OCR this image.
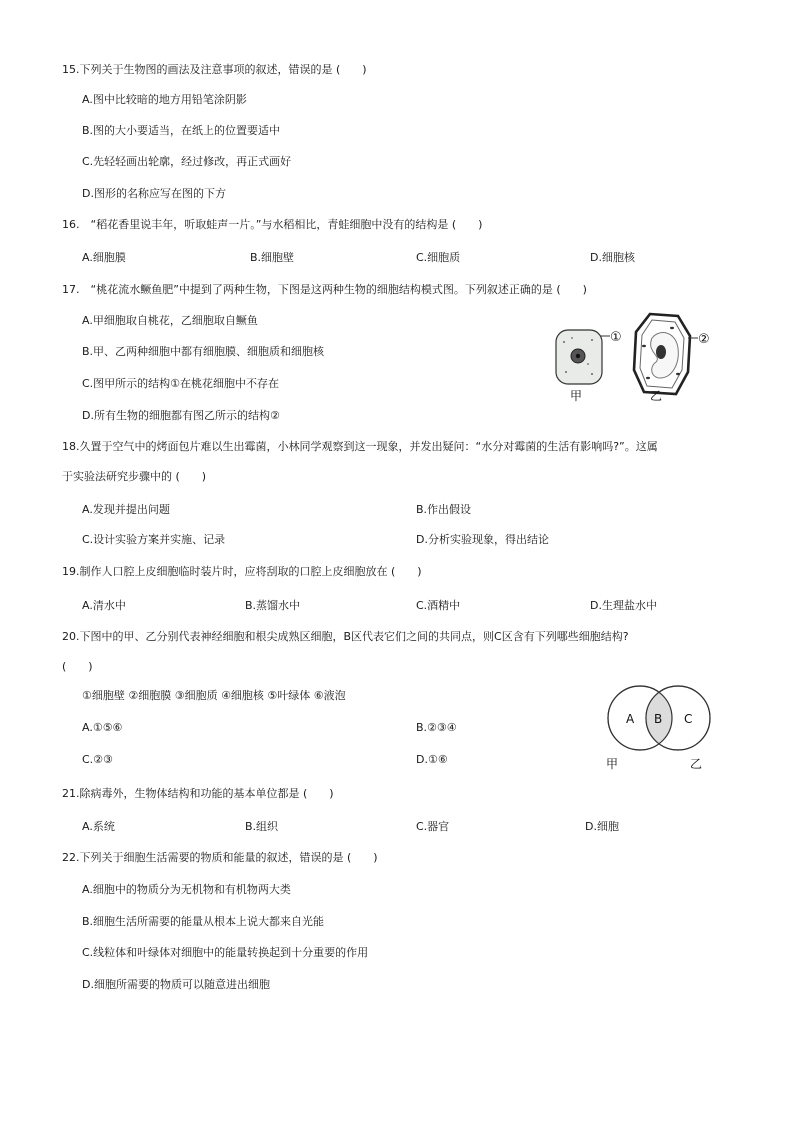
15.下列关于生物图的画法及注意事项的叙述，错误的是 (　　)
A.图中比较暗的地方用铅笔涂阴影
B.图的大小要适当，在纸上的位置要适中
C.先轻轻画出轮廓，经过修改，再正式画好
D.图形的名称应写在图的下方
16.　“稻花香里说丰年，听取蛙声一片。”与水稻相比，青蛙细胞中没有的结构是 (　　)
A.细胞膜	B.细胞壁	C.细胞质	D.细胞核
17.　“桃花流水鳜鱼肥”中提到了两种生物，下图是这两种生物的细胞结构模式图。下列叙述正确的是 (　　)
A.甲细胞取自桃花，乙细胞取自鳜鱼
B.甲、乙两种细胞中都有细胞膜、细胞质和细胞核
C.图甲所示的结构①在桃花细胞中不存在
D.所有生物的细胞都有图乙所示的结构②
①
甲
②
乙
18.久置于空气中的烤面包片难以生出霉菌，小林同学观察到这一现象，并发出疑问：“水分对霉菌的生活有影响吗?”。这属
于实验法研究步骤中的 (　　)
A.发现并提出问题	B.作出假设
C.设计实验方案并实施、记录	D.分析实验现象，得出结论
19.制作人口腔上皮细胞临时装片时，应将刮取的口腔上皮细胞放在 (　　)
A.清水中	B.蒸馏水中	C.酒精中	D.生理盐水中
20.下图中的甲、乙分别代表神经细胞和根尖成熟区细胞，B区代表它们之间的共同点，则C区含有下列哪些细胞结构?
(　　)
①细胞壁 ②细胞膜 ③细胞质 ④细胞核 ⑤叶绿体 ⑥液泡
A.①⑤⑥	B.②③④
C.②③	D.①⑥
A B C
甲	乙
21.除病毒外，生物体结构和功能的基本单位都是 (　　)
A.系统	B.组织	C.器官	D.细胞
22.下列关于细胞生活需要的物质和能量的叙述，错误的是 (　　)
A.细胞中的物质分为无机物和有机物两大类
B.细胞生活所需要的能量从根本上说大都来自光能
C.线粒体和叶绿体对细胞中的能量转换起到十分重要的作用
D.细胞所需要的物质可以随意进出细胞
